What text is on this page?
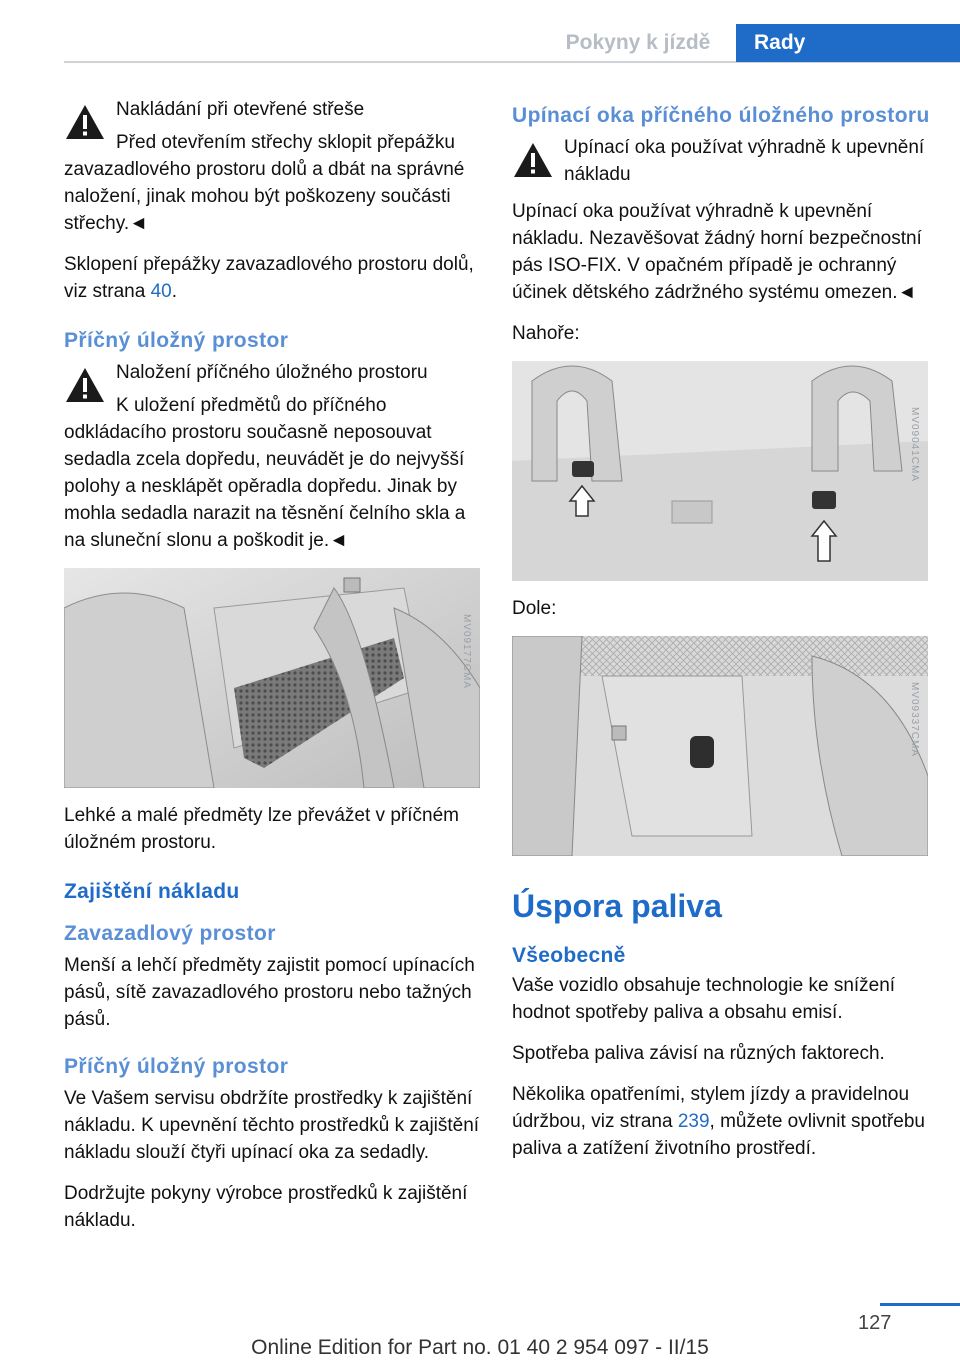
Pokyny k jízdě	Rady

Nakládání při otevřené střeše

Před otevřením střechy sklopit přepážku zavazadlového prostoru dolů a dbát na správné naložení, jinak mohou být poškozeny součásti střechy.◄

Sklopení přepážky zavazadlového prostoru dolů, viz strana 40.

Příčný úložný prostor

Naložení příčného úložného prostoru

K uložení předmětů do příčného odkládacího prostoru současně neposouvat sedadla zcela dopředu, neuvádět je do nejvyšší polohy a nesklápět opěradla dopředu. Jinak by mohla sedadla narazit na těsnění čelního skla a na sluneční slonu a poškodit je.◄

MV09177CMA

Lehké a malé předměty lze převážet v příčném úložném prostoru.

Zajištění nákladu
Zavazadlový prostor

Menší a lehčí předměty zajistit pomocí upínacích pásů, sítě zavazadlového prostoru nebo tažných pásů.

Příčný úložný prostor

Ve Vašem servisu obdržíte prostředky k zajištění nákladu. K upevnění těchto prostředků k zajištění nákladu slouží čtyři upínací oka za sedadly.

Dodržujte pokyny výrobce prostředků k zajištění nákladu.

Upínací oka příčného úložného prostoru

Upínací oka používat výhradně k upevnění nákladu

Upínací oka používat výhradně k upevnění nákladu. Nezavěšovat žádný horní bezpečnostní pás ISO-FIX. V opačném případě je ochranný účinek dětského zádržného systému omezen.◄

Nahoře:

MV09041CMA

Dole:

MV09337CMA
Úspora paliva
Všeobecně

Vaše vozidlo obsahuje technologie ke snížení hodnot spotřeby paliva a obsahu emisí.

Spotřeba paliva závisí na různých faktorech.

Několika opatřeními, stylem jízdy a pravidelnou údržbou, viz strana 239, můžete ovlivnit spotřebu paliva a zatížení životního prostředí.

127
Online Edition for Part no. 01 40 2 954 097 - II/15
